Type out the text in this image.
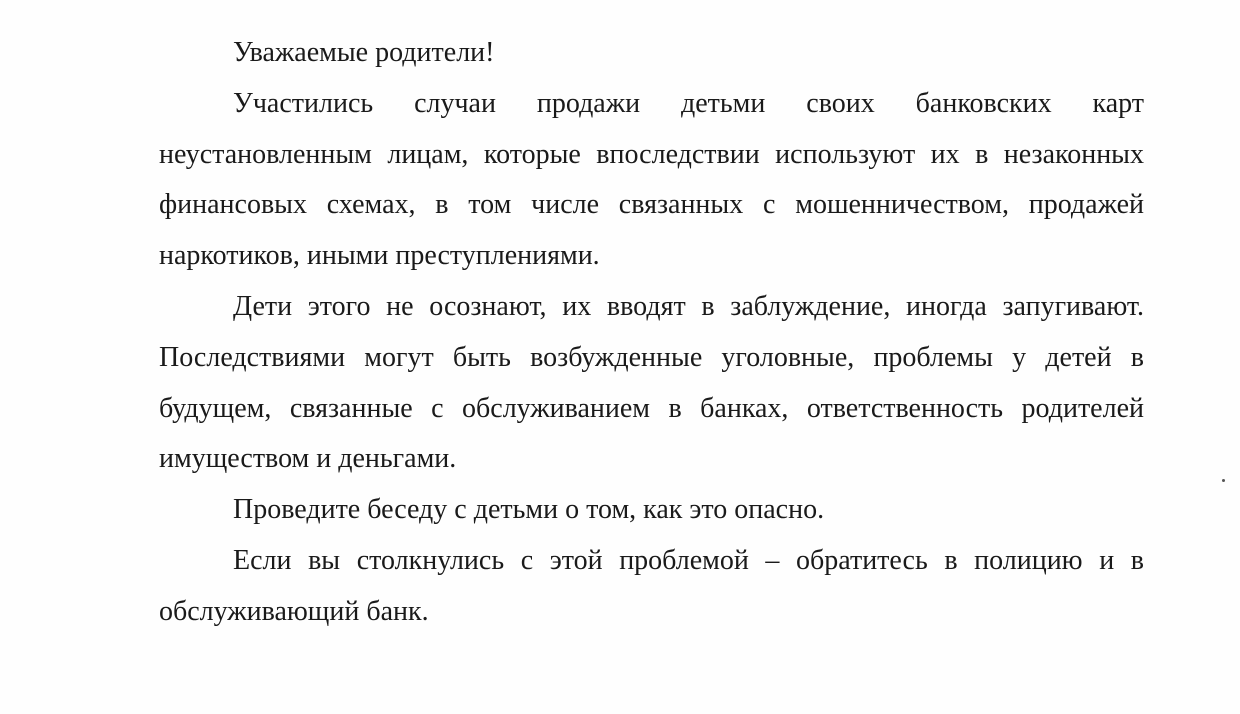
Уважаемые родители!

Участились случаи продажи детьми своих банковских карт неустановленным лицам, которые впоследствии используют их в незаконных финансовых схемах, в том числе связанных с мошенничеством, продажей наркотиков, иными преступлениями.

Дети этого не осознают, их вводят в заблуждение, иногда запугивают. Последствиями могут быть возбужденные уголовные, проблемы у детей в будущем, связанные с обслуживанием в банках, ответственность родителей имуществом и деньгами.

Проведите беседу с детьми о том, как это опасно.

Если вы столкнулись с этой проблемой – обратитесь в полицию и в обслуживающий банк.
